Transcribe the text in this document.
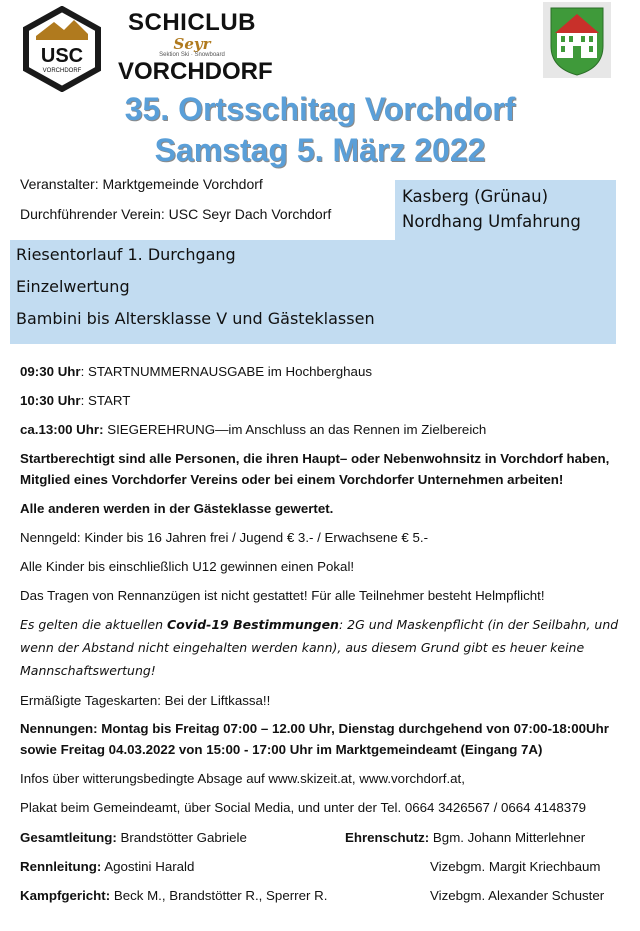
USC
VORCHDORF
SCHICLUB
Seyr
Sektion Ski · Snowboard
VORCHDORF
35. Ortsschitag Vorchdorf
Samstag 5. März 2022
Veranstalter: Marktgemeinde Vorchdorf
Durchführender Verein: USC Seyr Dach Vorchdorf
Kasberg (Grünau)
Nordhang Umfahrung
Riesentorlauf 1. Durchgang
Einzelwertung
Bambini bis Altersklasse V und Gästeklassen
09:30 Uhr: STARTNUMMERNAUSGABE im Hochberghaus
10:30 Uhr: START
ca.13:00 Uhr: SIEGEREHRUNG—im Anschluss an das Rennen im Zielbereich
Startberechtigt sind alle Personen, die ihren Haupt– oder Nebenwohnsitz in Vorchdorf haben,
Mitglied eines Vorchdorfer Vereins oder bei einem Vorchdorfer Unternehmen arbeiten!
Alle anderen werden in der Gästeklasse gewertet.
Nenngeld: Kinder bis 16 Jahren frei / Jugend € 3.- / Erwachsene € 5.-
Alle Kinder bis einschließlich U12 gewinnen einen Pokal!
Das Tragen von Rennanzügen ist nicht gestattet! Für alle Teilnehmer besteht Helmpflicht!
Es gelten die aktuellen Covid-19 Bestimmungen: 2G und Maskenpflicht (in der Seilbahn, und
wenn der Abstand nicht eingehalten werden kann), aus diesem Grund gibt es heuer keine
Mannschaftswertung!
Ermäßigte Tageskarten: Bei der Liftkassa!!
Nennungen: Montag bis Freitag 07:00 – 12.00 Uhr, Dienstag durchgehend von 07:00-18:00Uhr
sowie Freitag 04.03.2022 von 15:00 - 17:00 Uhr im Marktgemeindeamt (Eingang 7A)
Infos über witterungsbedingte Absage auf www.skizeit.at, www.vorchdorf.at,
Plakat beim Gemeindeamt, über Social Media, und unter der Tel. 0664 3426567 / 0664 4148379
Gesamtleitung: Brandstötter Gabriele
Rennleitung: Agostini Harald
Kampfgericht: Beck M., Brandstötter R., Sperrer R.
Ehrenschutz: Bgm. Johann Mitterlehner
Vizebgm. Margit Kriechbaum
Vizebgm. Alexander Schuster
